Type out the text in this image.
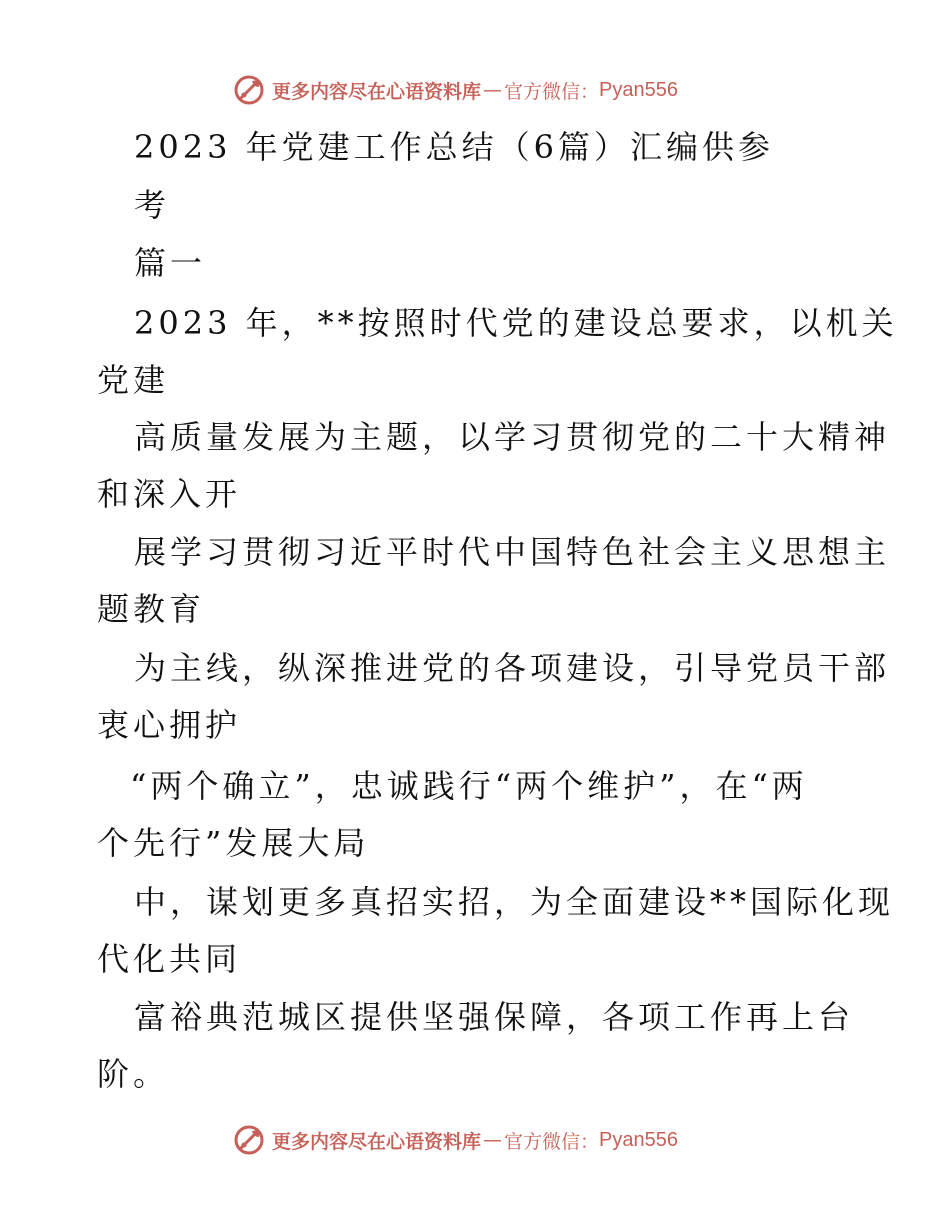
更多内容尽在心语资料库 — 官方微信： Pyan556
2023 年党建工作总结（6篇）汇编供参
考
篇一
2023 年，**按照时代党的建设总要求，以机关
党建
高质量发展为主题，以学习贯彻党的二十大精神
和深入开
展学习贯彻习近平时代中国特色社会主义思想主
题教育
为主线，纵深推进党的各项建设，引导党员干部
衷心拥护
“两个确立”，忠诚践行“两个维护”，在“两
个先行”发展大局
中，谋划更多真招实招，为全面建设**国际化现
代化共同
富裕典范城区提供坚强保障，各项工作再上台
阶。
更多内容尽在心语资料库 — 官方微信： Pyan556
